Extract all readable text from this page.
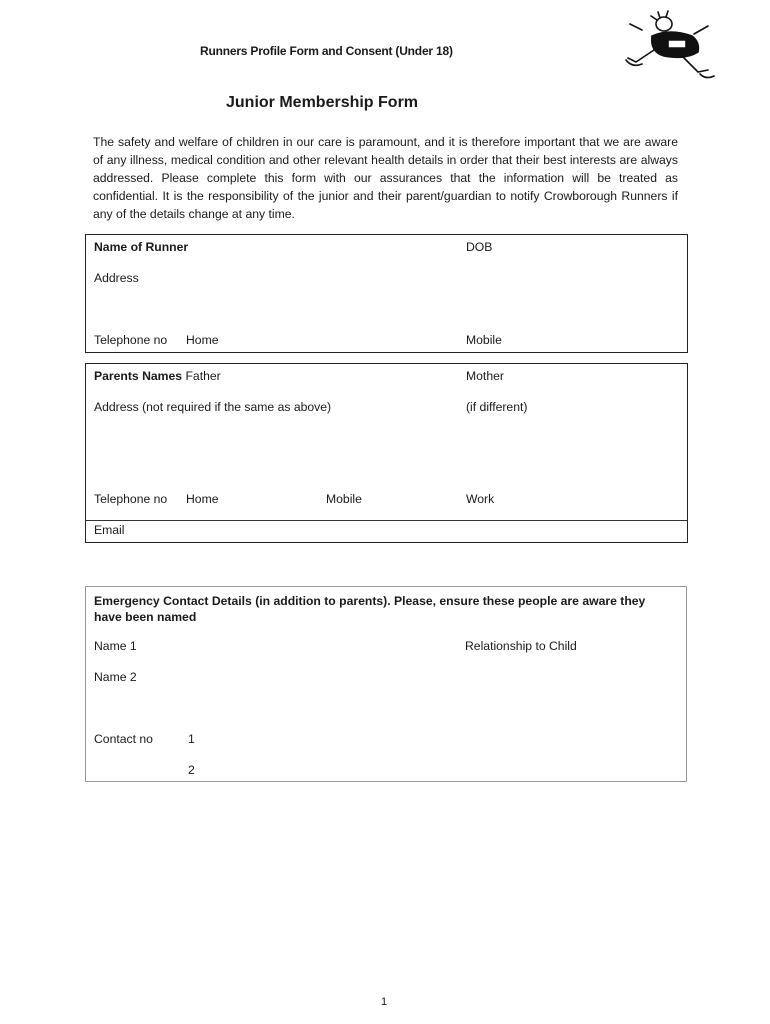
Runners Profile Form and Consent (Under 18)
Junior Membership Form
The safety and welfare of children in our care is paramount, and it is therefore important that we are aware of any illness, medical condition and other relevant health details in order that their best interests are always addressed. Please complete this form with our assurances that the information will be treated as confidential. It is the responsibility of the junior and their parent/guardian to notify Crowborough Runners if any of the details change at any time.
Name of Runner	DOB
Address
Telephone no Home	Mobile
Parents Names Father	Mother
Address (not required if the same as above)	(if different)
Telephone no Home	Mobile	Work
Email
Emergency Contact Details (in addition to parents). Please, ensure these people are aware they have been named
Name 1	Relationship to Child
Name 2
Contact no	1
2
1
